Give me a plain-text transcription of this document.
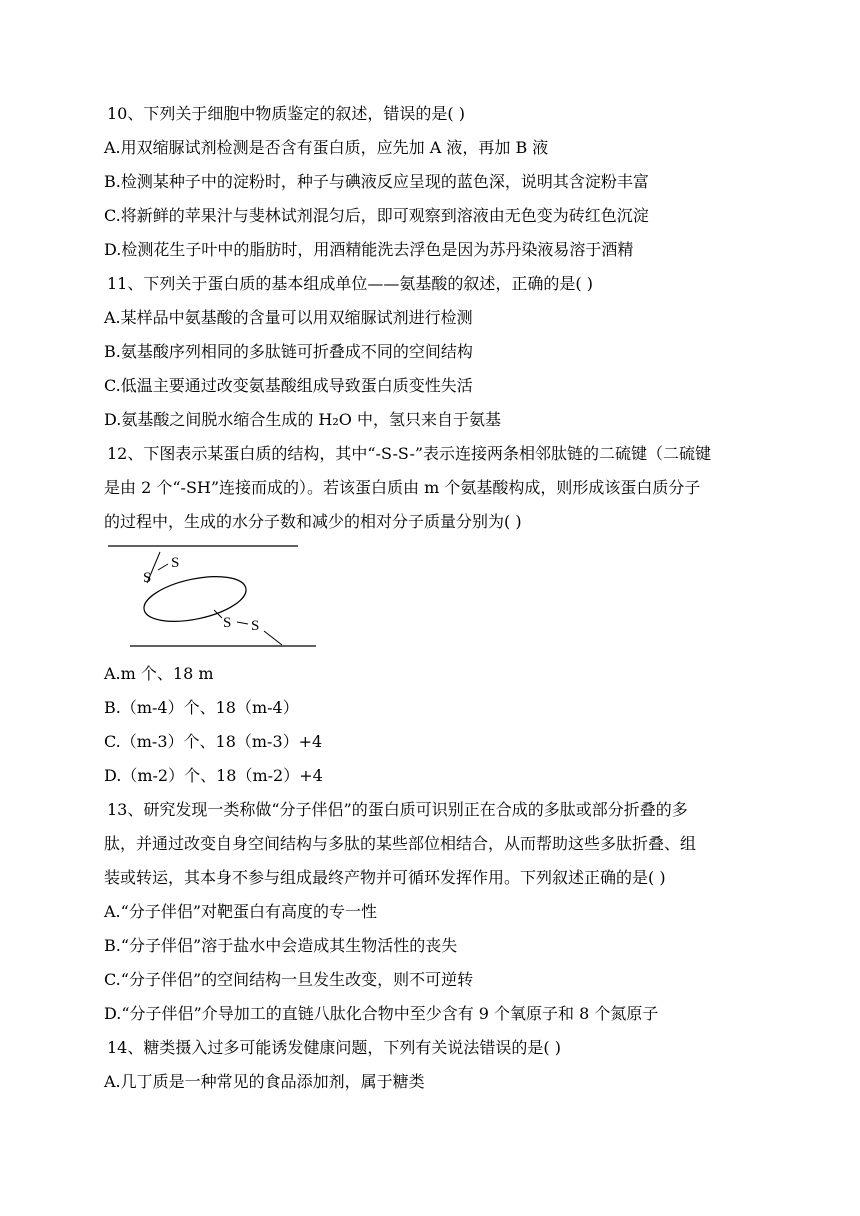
10、下列关于细胞中物质鉴定的叙述，错误的是( )
A.用双缩脲试剂检测是否含有蛋白质，应先加 A 液，再加 B 液
B.检测某种子中的淀粉时，种子与碘液反应呈现的蓝色深，说明其含淀粉丰富
C.将新鲜的苹果汁与斐林试剂混匀后，即可观察到溶液由无色变为砖红色沉淀
D.检测花生子叶中的脂肪时，用酒精能洗去浮色是因为苏丹染液易溶于酒精
11、下列关于蛋白质的基本组成单位——氨基酸的叙述，正确的是( )
A.某样品中氨基酸的含量可以用双缩脲试剂进行检测
B.氨基酸序列相同的多肽链可折叠成不同的空间结构
C.低温主要通过改变氨基酸组成导致蛋白质变性失活
D.氨基酸之间脱水缩合生成的 H₂O 中，氢只来自于氨基
12、下图表示某蛋白质的结构，其中“-S-S-”表示连接两条相邻肽链的二硫键（二硫键
是由 2 个“-SH”连接而成的）。若该蛋白质由 m 个氨基酸构成，则形成该蛋白质分子
的过程中，生成的水分子数和减少的相对分子质量分别为( )
S
S
S S
A.m 个、18 m
B.（m-4）个、18（m-4）
C.（m-3）个、18（m-3）+4
D.（m-2）个、18（m-2）+4
13、研究发现一类称做“分子伴侣”的蛋白质可识别正在合成的多肽或部分折叠的多
肽，并通过改变自身空间结构与多肽的某些部位相结合，从而帮助这些多肽折叠、组
装或转运，其本身不参与组成最终产物并可循环发挥作用。下列叙述正确的是( )
A.“分子伴侣”对靶蛋白有高度的专一性
B.“分子伴侣”溶于盐水中会造成其生物活性的丧失
C.“分子伴侣”的空间结构一旦发生改变，则不可逆转
D.“分子伴侣”介导加工的直链八肽化合物中至少含有 9 个氧原子和 8 个氮原子
14、糖类摄入过多可能诱发健康问题，下列有关说法错误的是( )
A.几丁质是一种常见的食品添加剂，属于糖类
